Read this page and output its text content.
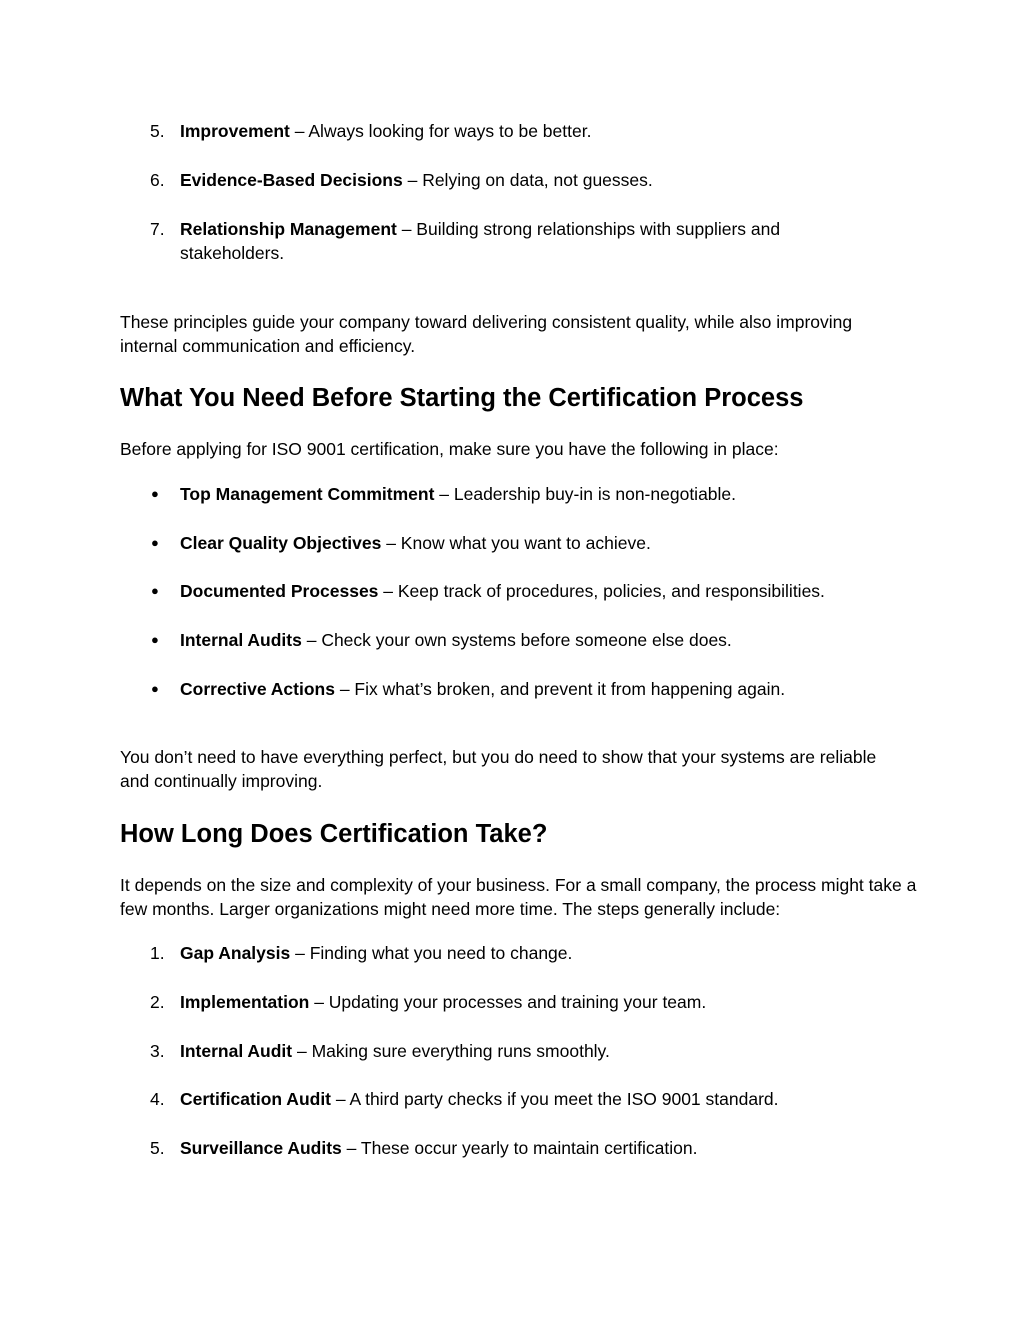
5. Improvement – Always looking for ways to be better.

6. Evidence-Based Decisions – Relying on data, not guesses.

7. Relationship Management – Building strong relationships with suppliers and stakeholders.

These principles guide your company toward delivering consistent quality, while also improving internal communication and efficiency.

What You Need Before Starting the Certification Process

Before applying for ISO 9001 certification, make sure you have the following in place:

● Top Management Commitment – Leadership buy-in is non-negotiable.

● Clear Quality Objectives – Know what you want to achieve.

● Documented Processes – Keep track of procedures, policies, and responsibilities.

● Internal Audits – Check your own systems before someone else does.

● Corrective Actions – Fix what’s broken, and prevent it from happening again.

You don’t need to have everything perfect, but you do need to show that your systems are reliable and continually improving.

How Long Does Certification Take?

It depends on the size and complexity of your business. For a small company, the process might take a few months. Larger organizations might need more time. The steps generally include:

1. Gap Analysis – Finding what you need to change.

2. Implementation – Updating your processes and training your team.

3. Internal Audit – Making sure everything runs smoothly.

4. Certification Audit – A third party checks if you meet the ISO 9001 standard.

5. Surveillance Audits – These occur yearly to maintain certification.
